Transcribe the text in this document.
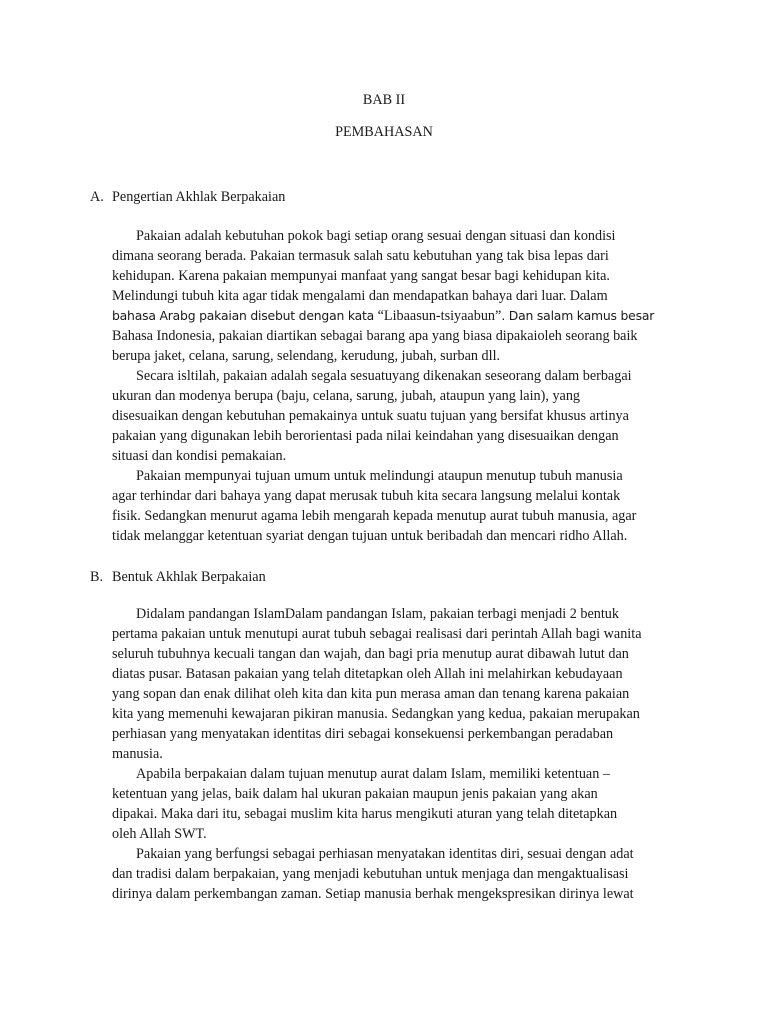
BAB II
PEMBAHASAN
A. Pengertian Akhlak Berpakaian
Pakaian adalah kebutuhan pokok bagi setiap orang sesuai dengan situasi dan kondisi
dimana seorang berada. Pakaian termasuk salah satu kebutuhan yang tak bisa lepas dari
kehidupan. Karena pakaian mempunyai manfaat yang sangat besar bagi kehidupan kita.
Melindungi tubuh kita agar tidak mengalami dan mendapatkan bahaya dari luar. Dalam
bahasa Arabg pakaian disebut dengan kata “Libaasun-tsiyaabun”. Dan salam kamus besar
Bahasa Indonesia, pakaian diartikan sebagai barang apa yang biasa dipakaioleh seorang baik
berupa jaket, celana, sarung, selendang, kerudung, jubah, surban dll.
Secara isltilah, pakaian adalah segala sesuatuyang dikenakan seseorang dalam berbagai
ukuran dan modenya berupa (baju, celana, sarung, jubah, ataupun yang lain), yang
disesuaikan dengan kebutuhan pemakainya untuk suatu tujuan yang bersifat khusus artinya
pakaian yang digunakan lebih berorientasi pada nilai keindahan yang disesuaikan dengan
situasi dan kondisi pemakaian.
Pakaian mempunyai tujuan umum untuk melindungi ataupun menutup tubuh manusia
agar terhindar dari bahaya yang dapat merusak tubuh kita secara langsung melalui kontak
fisik. Sedangkan menurut agama lebih mengarah kepada menutup aurat tubuh manusia, agar
tidak melanggar ketentuan syariat dengan tujuan untuk beribadah dan mencari ridho Allah.
B. Bentuk Akhlak Berpakaian
Didalam pandangan IslamDalam pandangan Islam, pakaian terbagi menjadi 2 bentuk
pertama pakaian untuk menutupi aurat tubuh sebagai realisasi dari perintah Allah bagi wanita
seluruh tubuhnya kecuali tangan dan wajah, dan bagi pria menutup aurat dibawah lutut dan
diatas pusar. Batasan pakaian yang telah ditetapkan oleh Allah ini melahirkan kebudayaan
yang sopan dan enak dilihat oleh kita dan kita pun merasa aman dan tenang karena pakaian
kita yang memenuhi kewajaran pikiran manusia. Sedangkan yang kedua, pakaian merupakan
perhiasan yang menyatakan identitas diri sebagai konsekuensi perkembangan peradaban
manusia.
Apabila berpakaian dalam tujuan menutup aurat dalam Islam, memiliki ketentuan –
ketentuan yang jelas, baik dalam hal ukuran pakaian maupun jenis pakaian yang akan
dipakai. Maka dari itu, sebagai muslim kita harus mengikuti aturan yang telah ditetapkan
oleh Allah SWT.
Pakaian yang berfungsi sebagai perhiasan menyatakan identitas diri, sesuai dengan adat
dan tradisi dalam berpakaian, yang menjadi kebutuhan untuk menjaga dan mengaktualisasi
dirinya dalam perkembangan zaman. Setiap manusia berhak mengekspresikan dirinya lewat
